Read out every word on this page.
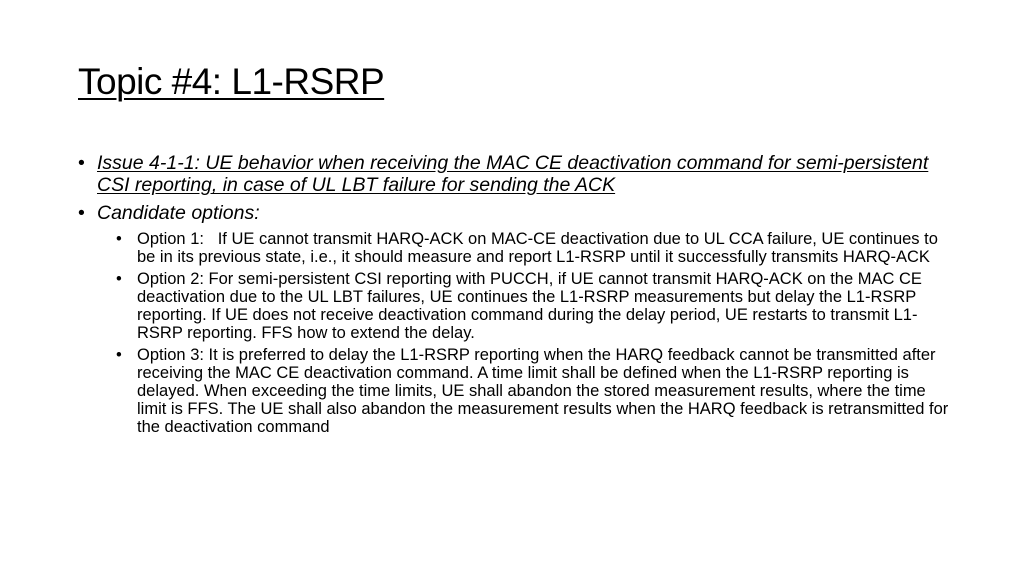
Topic #4: L1-RSRP
• Issue 4-1-1: UE behavior when receiving the MAC CE deactivation command for semi-persistent CSI reporting, in case of UL LBT failure for sending the ACK
• Candidate options:
• Option 1:   If UE cannot transmit HARQ-ACK on MAC-CE deactivation due to UL CCA failure, UE continues to be in its previous state, i.e., it should measure and report L1-RSRP until it successfully transmits HARQ-ACK
• Option 2: For semi-persistent CSI reporting with PUCCH, if UE cannot transmit HARQ-ACK on the MAC CE deactivation due to the UL LBT failures, UE continues the L1-RSRP measurements but delay the L1-RSRP reporting. If UE does not receive deactivation command during the delay period, UE restarts to transmit L1-RSRP reporting. FFS how to extend the delay.
• Option 3: It is preferred to delay the L1-RSRP reporting when the HARQ feedback cannot be transmitted after receiving the MAC CE deactivation command. A time limit shall be defined when the L1-RSRP reporting is delayed. When exceeding the time limits, UE shall abandon the stored measurement results, where the time limit is FFS. The UE shall also abandon the measurement results when the HARQ feedback is retransmitted for the deactivation command
